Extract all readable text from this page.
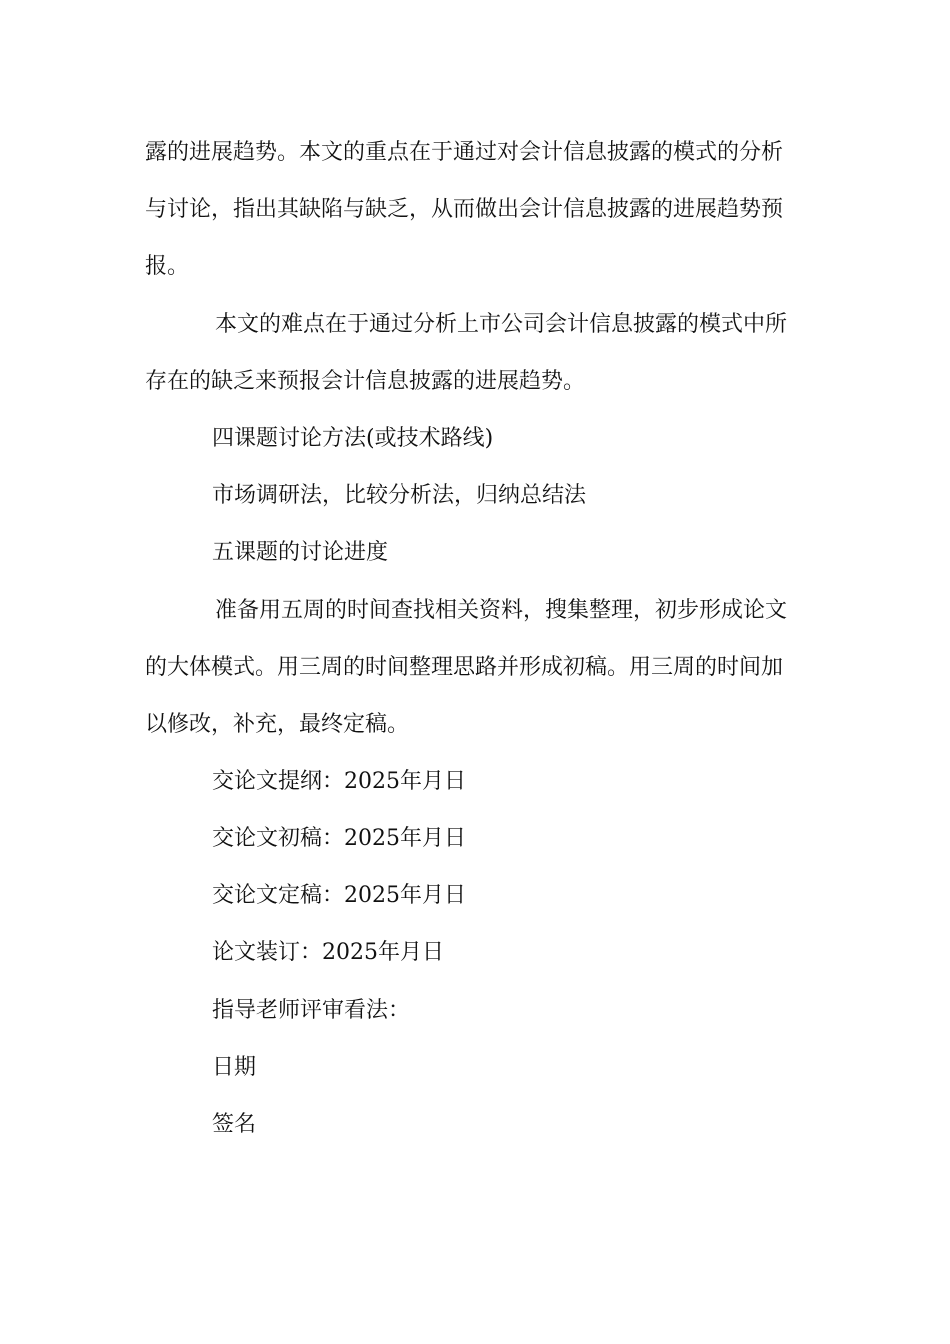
露的进展趋势。本文的重点在于通过对会计信息披露的模式的分析
与讨论，指出其缺陷与缺乏，从而做出会计信息披露的进展趋势预
报。
本文的难点在于通过分析上市公司会计信息披露的模式中所
存在的缺乏来预报会计信息披露的进展趋势。
四课题讨论方法(或技术路线)
市场调研法，比较分析法，归纳总结法
五课题的讨论进度
准备用五周的时间查找相关资料，搜集整理，初步形成论文
的大体模式。用三周的时间整理思路并形成初稿。用三周的时间加
以修改，补充，最终定稿。
交论文提纲：2025年月日
交论文初稿：2025年月日
交论文定稿：2025年月日
论文装订：2025年月日
指导老师评审看法：
日期
签名
